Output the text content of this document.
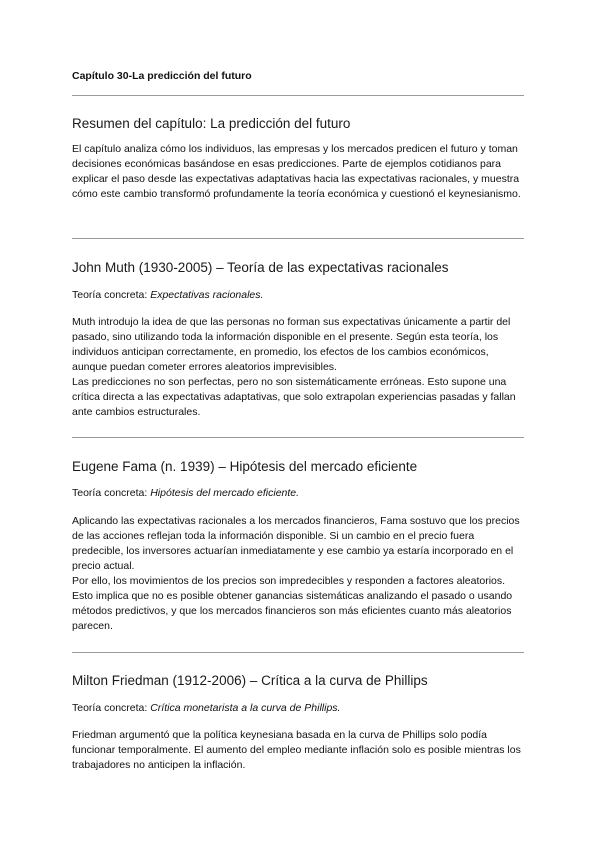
Capítulo 30-La predicción del futuro
Resumen del capítulo: La predicción del futuro

El capítulo analiza cómo los individuos, las empresas y los mercados predicen el futuro y toman decisiones económicas basándose en esas predicciones. Parte de ejemplos cotidianos para explicar el paso desde las expectativas adaptativas hacia las expectativas racionales, y muestra cómo este cambio transformó profundamente la teoría económica y cuestionó el keynesianismo.

John Muth (1930-2005) – Teoría de las expectativas racionales
Teoría concreta: Expectativas racionales.

Muth introdujo la idea de que las personas no forman sus expectativas únicamente a partir del pasado, sino utilizando toda la información disponible en el presente. Según esta teoría, los individuos anticipan correctamente, en promedio, los efectos de los cambios económicos, aunque puedan cometer errores aleatorios imprevisibles.

Las predicciones no son perfectas, pero no son sistemáticamente erróneas. Esto supone una crítica directa a las expectativas adaptativas, que solo extrapolan experiencias pasadas y fallan ante cambios estructurales.

Eugene Fama (n. 1939) – Hipótesis del mercado eficiente
Teoría concreta: Hipótesis del mercado eficiente.

Aplicando las expectativas racionales a los mercados financieros, Fama sostuvo que los precios de las acciones reflejan toda la información disponible. Si un cambio en el precio fuera predecible, los inversores actuarían inmediatamente y ese cambio ya estaría incorporado en el precio actual.

Por ello, los movimientos de los precios son impredecibles y responden a factores aleatorios. Esto implica que no es posible obtener ganancias sistemáticas analizando el pasado o usando métodos predictivos, y que los mercados financieros son más eficientes cuanto más aleatorios parecen.

Milton Friedman (1912-2006) – Crítica a la curva de Phillips
Teoría concreta: Crítica monetarista a la curva de Phillips.

Friedman argumentó que la política keynesiana basada en la curva de Phillips solo podía funcionar temporalmente. El aumento del empleo mediante inflación solo es posible mientras los trabajadores no anticipen la inflación.
